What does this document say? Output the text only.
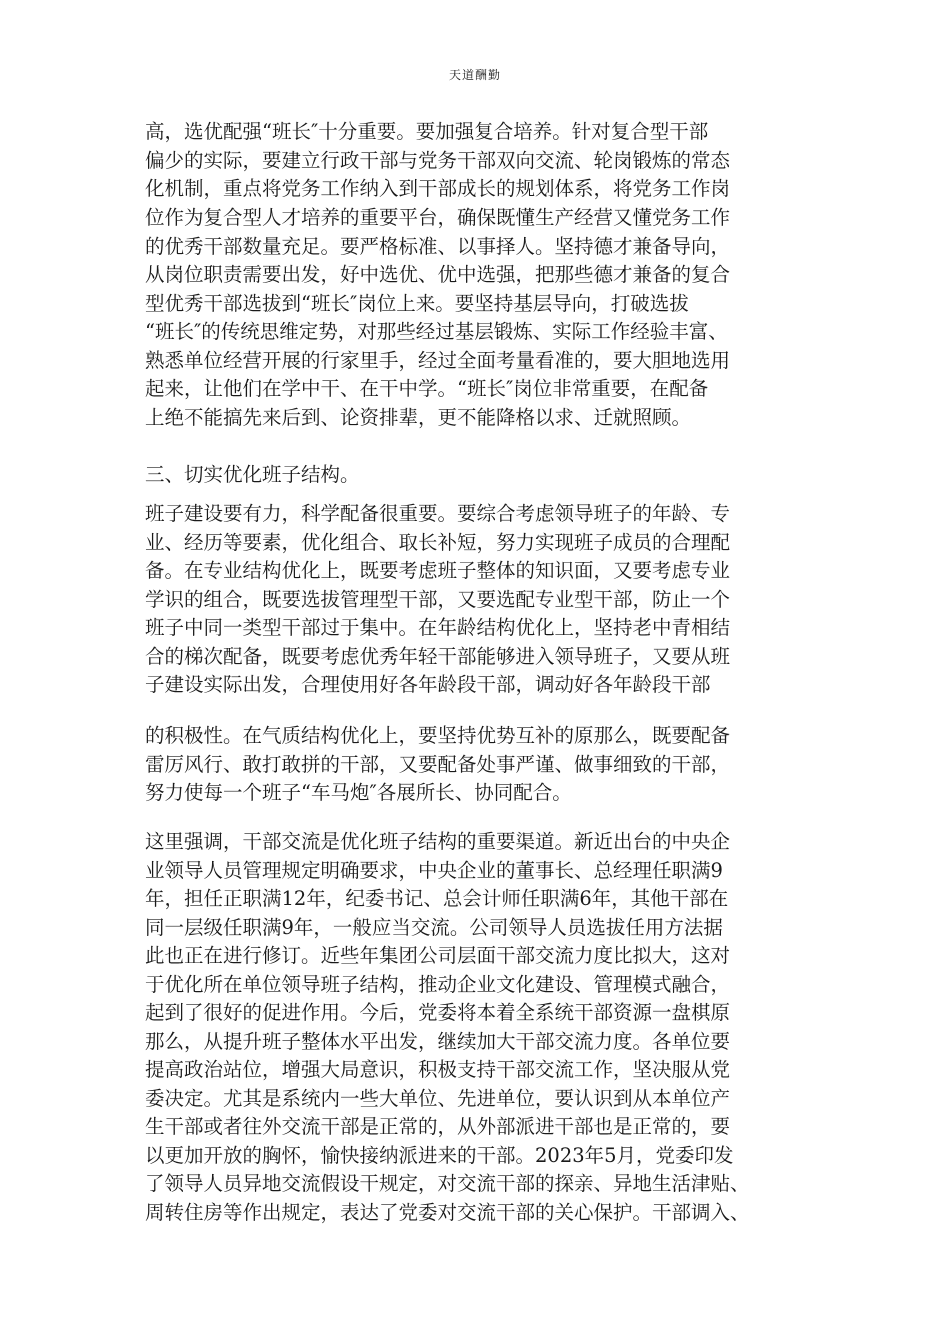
天道酬勤
高，选优配强“班长″十分重要。要加强复合培养。针对复合型干部
偏少的实际，要建立行政干部与党务干部双向交流、轮岗锻炼的常态
化机制，重点将党务工作纳入到干部成长的规划体系，将党务工作岗
位作为复合型人才培养的重要平台，确保既懂生产经营又懂党务工作
的优秀干部数量充足。要严格标准、以事择人。坚持德才兼备导向，
从岗位职责需要出发，好中选优、优中选强，把那些德才兼备的复合
型优秀干部选拔到“班长″岗位上来。要坚持基层导向，打破选拔
“班长″的传统思维定势，对那些经过基层锻炼、实际工作经验丰富、
熟悉单位经营开展的行家里手，经过全面考量看准的，要大胆地选用
起来，让他们在学中干、在干中学。“班长″岗位非常重要，在配备
上绝不能搞先来后到、论资排辈，更不能降格以求、迁就照顾。
三、切实优化班子结构。
班子建设要有力，科学配备很重要。要综合考虑领导班子的年龄、专
业、经历等要素，优化组合、取长补短，努力实现班子成员的合理配
备。在专业结构优化上，既要考虑班子整体的知识面，又要考虑专业
学识的组合，既要选拔管理型干部，又要选配专业型干部，防止一个
班子中同一类型干部过于集中。在年龄结构优化上，坚持老中青相结
合的梯次配备，既要考虑优秀年轻干部能够进入领导班子，又要从班
子建设实际出发，合理使用好各年龄段干部，调动好各年龄段干部
的积极性。在气质结构优化上，要坚持优势互补的原那么，既要配备
雷厉风行、敢打敢拼的干部，又要配备处事严谨、做事细致的干部，
努力使每一个班子“车马炮″各展所长、协同配合。
这里强调，干部交流是优化班子结构的重要渠道。新近出台的中央企
业领导人员管理规定明确要求，中央企业的董事长、总经理任职满9
年，担任正职满12年，纪委书记、总会计师任职满6年，其他干部在
同一层级任职满9年，一般应当交流。公司领导人员选拔任用方法据
此也正在进行修订。近些年集团公司层面干部交流力度比拟大，这对
于优化所在单位领导班子结构，推动企业文化建设、管理模式融合，
起到了很好的促进作用。今后，党委将本着全系统干部资源一盘棋原
那么，从提升班子整体水平出发，继续加大干部交流力度。各单位要
提高政治站位，增强大局意识，积极支持干部交流工作，坚决服从党
委决定。尤其是系统内一些大单位、先进单位，要认识到从本单位产
生干部或者往外交流干部是正常的，从外部派进干部也是正常的，要
以更加开放的胸怀，愉快接纳派进来的干部。2023年5月，党委印发
了领导人员异地交流假设干规定，对交流干部的探亲、异地生活津贴、
周转住房等作出规定，表达了党委对交流干部的关心保护。干部调入、
